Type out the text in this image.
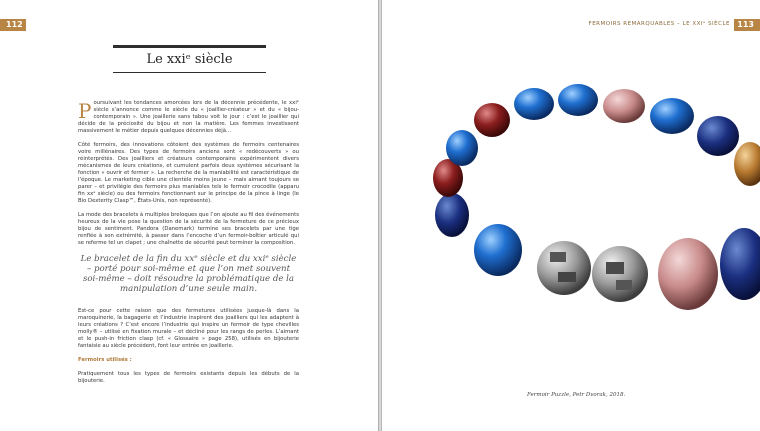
112
Le xxiᵉ siècle

Poursuivant les tendances amorcées lors de la décennie précédente, le xxiᵉ siècle s’annonce comme le siècle du « joaillier-créateur » et du « bijou-contemporain ». Une joaillerie sans tabou voit le jour : c’est le joaillier qui décide de la préciosité du bijou et non la matière. Les femmes investissent massivement le métier depuis quelques décennies déjà…

Côté fermoirs, des innovations côtoient des systèmes de fermoirs centenaires voire millénaires. Des types de fermoirs anciens sont « redécouverts » ou réinterprétés. Des joailliers et créateurs contemporains expérimentent divers mécanismes de leurs créations, et cumulent parfois deux systèmes sécurisant la fonction « ouvrir et fermer ». La recherche de la maniabilité est caractéristique de l’époque. Le marketing cible une clientèle moins jeune – mais aimant toujours se parer – et privilégie des fermoirs plus maniables tels le fermoir crocodile (apparu fin xxᵉ siècle) ou des fermoirs fonctionnant sur le principe de la pince à linge (le Bio Dexterity Clasp™, États-Unis, non représenté).

La mode des bracelets à multiples breloques que l’on ajoute au fil des événements heureux de la vie pose la question de la sécurité de la fermeture de ce précieux bijou de sentiment. Pandora (Danemark) termine ses bracelets par une tige renflée à son extrémité, à passer dans l’encoche d’un fermoir-boîtier articulé qui se referme tel un clapet ; une chaînette de sécurité peut terminer la composition.

Le bracelet de la fin du xxᵉ siècle et du xxiᵉ siècle – porté pour soi-même et que l’on met souvent soi-même – doit résoudre la problématique de la manipulation d’une seule main.

Est-ce pour cette raison que des fermetures utilisées jusque-là dans la maroquinerie, la bagagerie et l’industrie inspirent des joailliers qui les adaptent à leurs créations ? C’est encore l’industrie qui inspire un fermoir de type chevilles molly® – utilisé en fixation murale – et décliné pour les rangs de perles. L’aimant et le push-in friction clasp (cf. « Glossaire » page 258), utilisés en bijouterie fantaisie au siècle précédent, font leur entrée en joaillerie.

Fermoirs utilisés :

Pratiquement tous les types de fermoirs existants depuis les débuts de la bijouterie.

FERMOIRS REMARQUABLES – LE XXIᵉ SIÈCLE 113
Fermoir Puzzle, Petr Dvorak, 2018.
